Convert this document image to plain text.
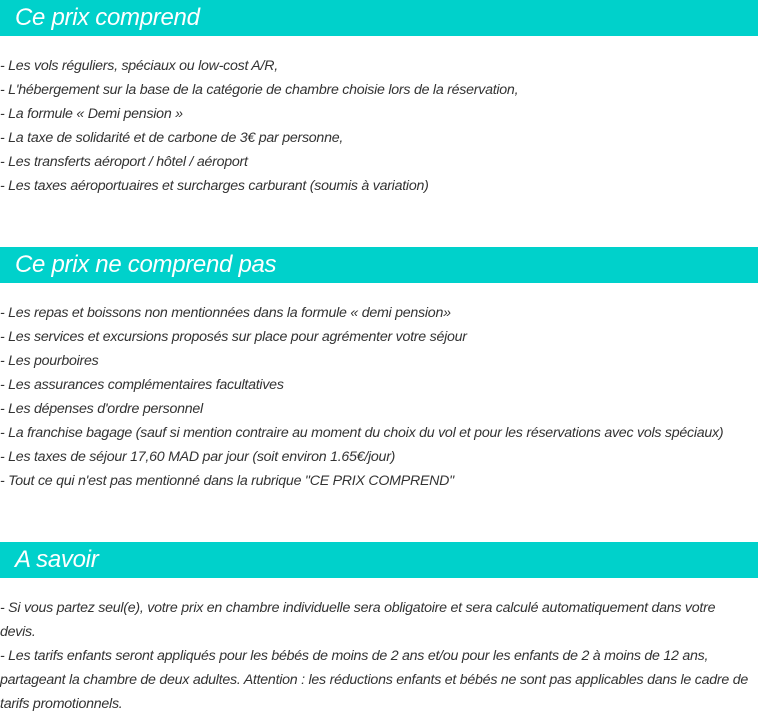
Ce prix comprend
- Les vols réguliers, spéciaux ou low-cost A/R,
- L'hébergement sur la base de la catégorie de chambre choisie lors de la réservation,
- La formule « Demi pension »
- La taxe de solidarité et de carbone de 3€ par personne,
- Les transferts aéroport / hôtel / aéroport
- Les taxes aéroportuaires et surcharges carburant (soumis à variation)
Ce prix ne comprend pas
- Les repas et boissons non mentionnées dans la formule « demi pension»
- Les services et excursions proposés sur place pour agrémenter votre séjour
- Les pourboires
- Les assurances complémentaires facultatives
- Les dépenses d'ordre personnel
- La franchise bagage (sauf si mention contraire au moment du choix du vol et pour les réservations avec vols spéciaux)
- Les taxes de séjour 17,60 MAD par jour (soit environ 1.65€/jour)
- Tout ce qui n'est pas mentionné dans la rubrique "CE PRIX COMPREND"
A savoir

- Si vous partez seul(e), votre prix en chambre individuelle sera obligatoire et sera calculé automatiquement dans votre devis.

- Les tarifs enfants seront appliqués pour les bébés de moins de 2 ans et/ou pour les enfants de 2 à moins de 12 ans, partageant la chambre de deux adultes. Attention : les réductions enfants et bébés ne sont pas applicables dans le cadre de tarifs promotionnels.
